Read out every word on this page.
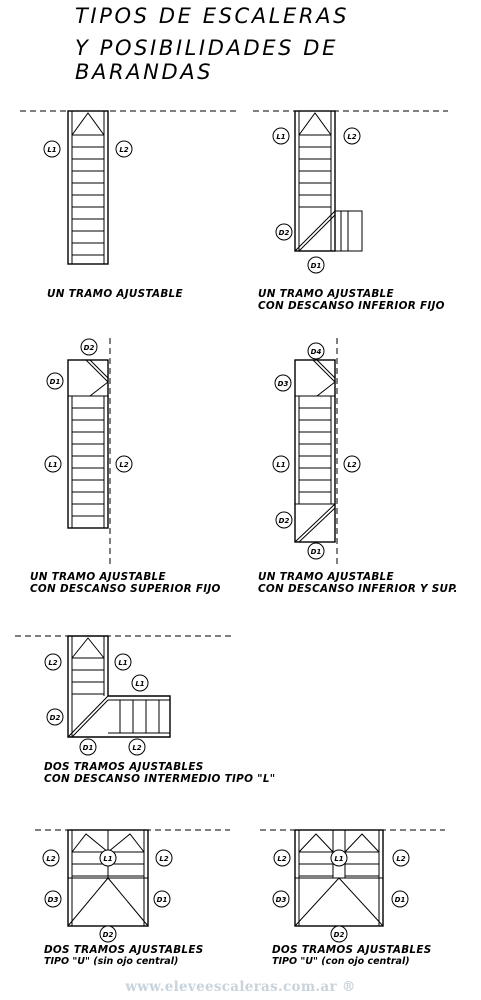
TIPOS DE ESCALERAS
Y POSIBILIDADES DE
BARANDAS
L1	L2
L1	L2
D2
D1
D2
D1
L1	L2
D4
D3
L1	L2
D2
D1
L2	L1
L1
D2
D1	L2
L2	L1	L2
D3	D1
D2
L2	L1	L2
D3	D1
D2
UN TRAMO AJUSTABLE	UN TRAMO AJUSTABLE
CON DESCANSO INFERIOR FIJO
UN TRAMO AJUSTABLE
CON DESCANSO SUPERIOR FIJO
UN TRAMO AJUSTABLE
CON DESCANSO INFERIOR Y SUP.
DOS TRAMOS AJUSTABLES
CON DESCANSO INTERMEDIO TIPO "L"
DOS TRAMOS AJUSTABLES
TIPO "U" (sin ojo central)
DOS TRAMOS AJUSTABLES
TIPO "U" (con ojo central)
www.eleveescaleras.com.ar ®
